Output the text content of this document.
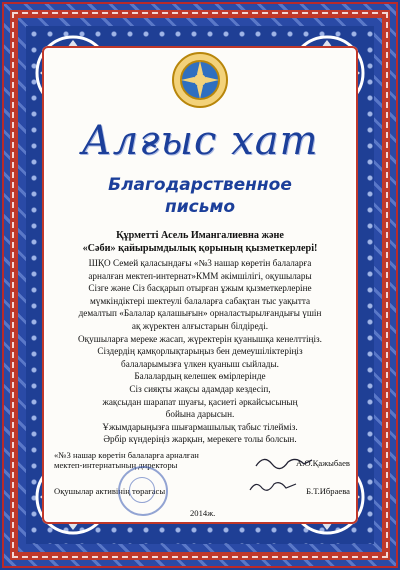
Алғыс хат
Благодарственное
письмо
Құрметті Асель Имангалиевна және
«Сәби» қайырымдылық қорының қызметкерлері!
ШҚО Семей қаласындағы «№3 нашар көретін балаларға
арналған мектеп-интернат»КММ әкімшілігі, оқушылары
Сізге және Сіз басқарып отырған ұжым қызметкерлеріне
мүмкіндіктері шектеулі балаларға сабақтан тыс уақытта
демалтып «Балалар қалашығын» орналастырылғандығы үшін
ақ жүректен алғыстарын білдіреді.
Оқушыларға мереке жасап, жүректерін қуанышқа кенелттіңіз.
Сіздердің қамқорлықтарыңыз бен демеушіліктеріңіз
балаларымызға үлкен қуаныш сыйлады.
Балалардың келешек өмірлерінде
Сіз сияқты жақсы адамдар кездесіп,
жақсыдан шарапат шуағы, қасиеті әркайсысының
бойына дарысын.
Ұжымдарыңызға шығармашылық табыс тілейміз.
Әрбір күндеріңіз жарқын, мерекеге толы болсын.
«№3 нашар көретін балаларға арналған
мектеп-интернатының директоры	А.О.Қажыбаев
Оқушылар активінің төрағасы	Б.Т.Ибраева
2014ж.
